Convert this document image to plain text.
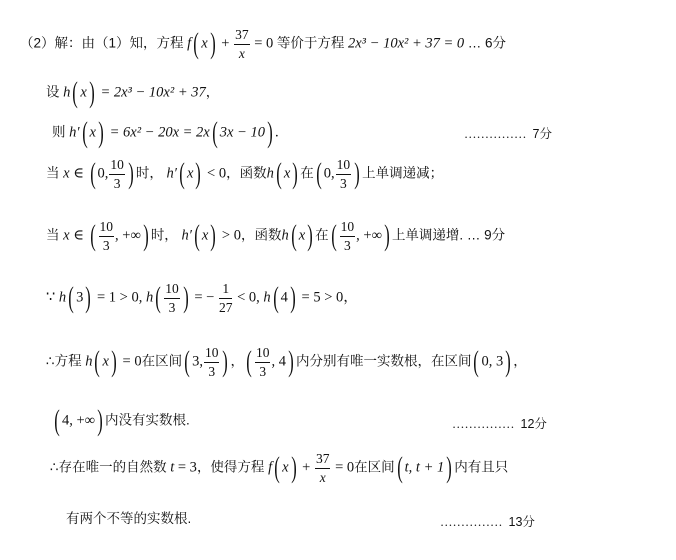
（2）解：由（1）知，方程 f( $x) + \frac{37}{x} = 0$ 等价于方程 2x³ − 10x² + 37 = 0 … 6分
设 h( x) = 2x³ − 10x² + 37，
则 h′( x) = 6x² − 20x = 2x( 3x − 10) .	…………… 7分
当 x ∈ ( 0, $\frac{10}{3}$ ) 时， h′( x) < 0，函数h( x) 在( 0, $\frac{10}{3}$ ) 上单调递减；
当 x ∈ ( $\frac{10}{3}$ , +∞) 时， h′( x) > 0，函数h( x) 在( $\frac{10}{3}$ , +∞) 上单调递增. … 9分
∵ h( 3) = 1 > 0, $h( \frac{10}{3}$ ) = − $\frac{1}{27} < 0$, h( 4) = 5 > 0，
∴方程 h( x) = 0在区间( 3, $\frac{10}{3}$ ) ，( $\frac{10}{3}$ , 4) 内分别有唯一实数根，在区间( 0, 3) ，
( 4, +∞) 内没有实数根.	…………… 12分
∴存在唯一的自然数 t = 3，使得方程 f( $x) + \frac{37}{x} = 0$在区间( t, t + 1) 内有且只
有两个不等的实数根.	…………… 13分
